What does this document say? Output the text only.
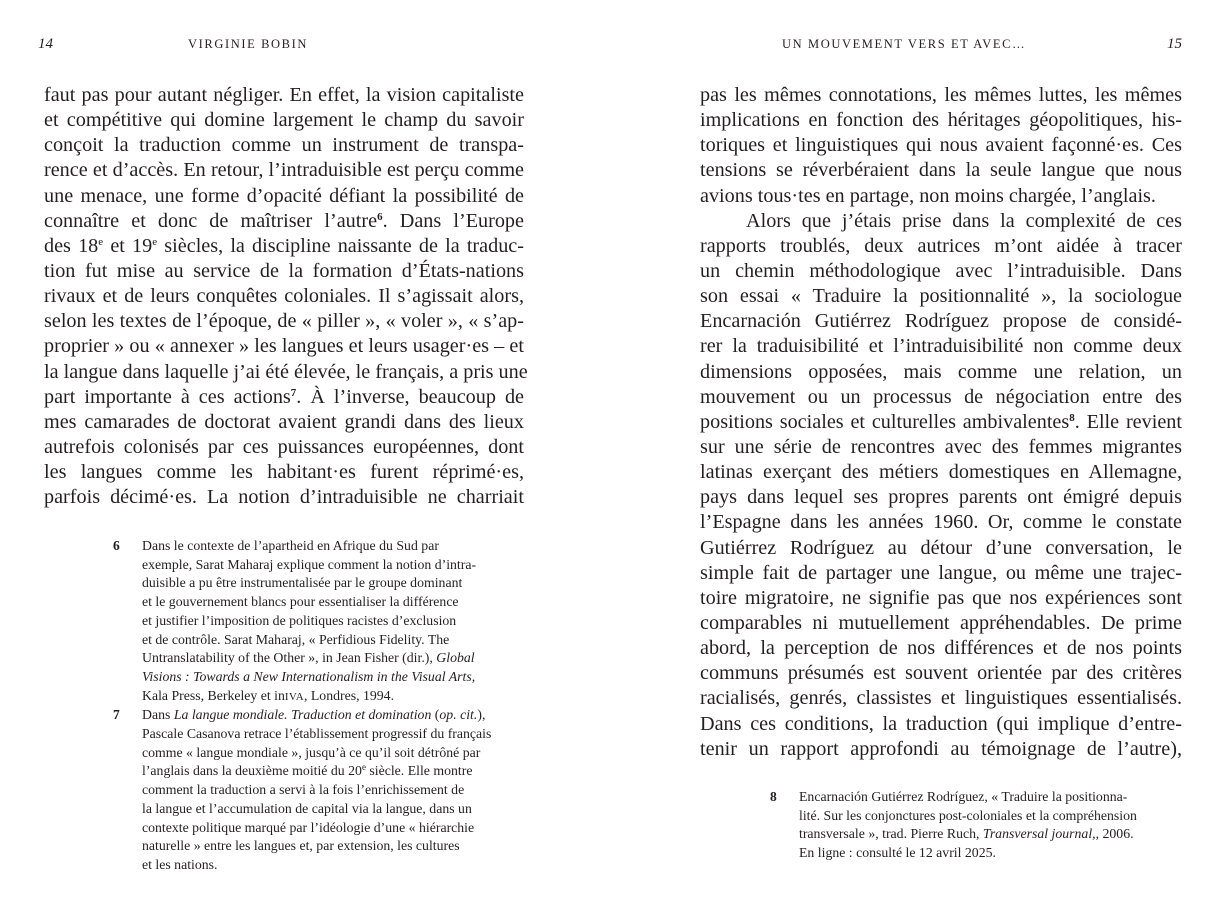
14	VIRGINIE BOBIN
faut pas pour autant négliger. En effet, la vision capitaliste
et compétitive qui domine largement le champ du savoir
conçoit la traduction comme un instrument de transpa-
rence et d’accès. En retour, l’intraduisible est perçu comme
une menace, une forme d’opacité défiant la possibilité de
connaître et donc de maîtriser l’autre$^6$. Dans l’Europe
des 18e et 19e siècles, la discipline naissante de la traduc-
tion fut mise au service de la formation d’États-nations
rivaux et de leurs conquêtes coloniales. Il s’agissait alors,
selon les textes de l’époque, de « piller », « voler », « s’ap-
proprier » ou « annexer » les langues et leurs usager·es – et
la langue dans laquelle j’ai été élevée, le français, a pris une
part importante à ces actions$^7$. À l’inverse, beaucoup de
mes camarades de doctorat avaient grandi dans des lieux
autrefois colonisés par ces puissances européennes, dont
les langues comme les habitant·es furent réprimé·es,
parfois décimé·es. La notion d’intraduisible ne charriait
6 Dans le contexte de l’apartheid en Afrique du Sud par
exemple, Sarat Maharaj explique comment la notion d’intra-
duisible a pu être instrumentalisée par le groupe dominant
et le gouvernement blancs pour essentialiser la différence
et justifier l’imposition de politiques racistes d’exclusion
et de contrôle. Sarat Maharaj, « Perfidious Fidelity. The
Untranslatability of the Other », in Jean Fisher (dir.), Global
Visions : Towards a New Internationalism in the Visual Arts,
Kala Press, Berkeley et inIVA, Londres, 1994.
7 Dans La langue mondiale. Traduction et domination (op. cit.),
Pascale Casanova retrace l’établissement progressif du français
comme « langue mondiale », jusqu’à ce qu’il soit détrôné par
l’anglais dans la deuxième moitié du 20e siècle. Elle montre
comment la traduction a servi à la fois l’enrichissement de
la langue et l’accumulation de capital via la langue, dans un
contexte politique marqué par l’idéologie d’une « hiérarchie
naturelle » entre les langues et, par extension, les cultures
et les nations.
UN MOUVEMENT VERS ET AVEC…	15
pas les mêmes connotations, les mêmes luttes, les mêmes
implications en fonction des héritages géopolitiques, his-
toriques et linguistiques qui nous avaient façonné·es. Ces
tensions se réverbéraient dans la seule langue que nous
avions tous·tes en partage, non moins chargée, l’anglais.
Alors que j’étais prise dans la complexité de ces
rapports troublés, deux autrices m’ont aidée à tracer
un chemin méthodologique avec l’intraduisible. Dans
son essai « Traduire la positionnalité », la sociologue
Encarnación Gutiérrez Rodríguez propose de considé-
rer la traduisibilité et l’intraduisibilité non comme deux
dimensions opposées, mais comme une relation, un
mouvement ou un processus de négociation entre des
positions sociales et culturelles ambivalentes$^8$. Elle revient
sur une série de rencontres avec des femmes migrantes
latinas exerçant des métiers domestiques en Allemagne,
pays dans lequel ses propres parents ont émigré depuis
l’Espagne dans les années 1960. Or, comme le constate
Gutiérrez Rodríguez au détour d’une conversation, le
simple fait de partager une langue, ou même une trajec-
toire migratoire, ne signifie pas que nos expériences sont
comparables ni mutuellement appréhendables. De prime
abord, la perception de nos différences et de nos points
communs présumés est souvent orientée par des critères
racialisés, genrés, classistes et linguistiques essentialisés.
Dans ces conditions, la traduction (qui implique d’entre-
tenir un rapport approfondi au témoignage de l’autre),
8 Encarnación Gutiérrez Rodríguez, « Traduire la positionna-
lité. Sur les conjonctures post-coloniales et la compréhension
transversale », trad. Pierre Ruch, Transversal journal,, 2006.
En ligne : consulté le 12 avril 2025.
